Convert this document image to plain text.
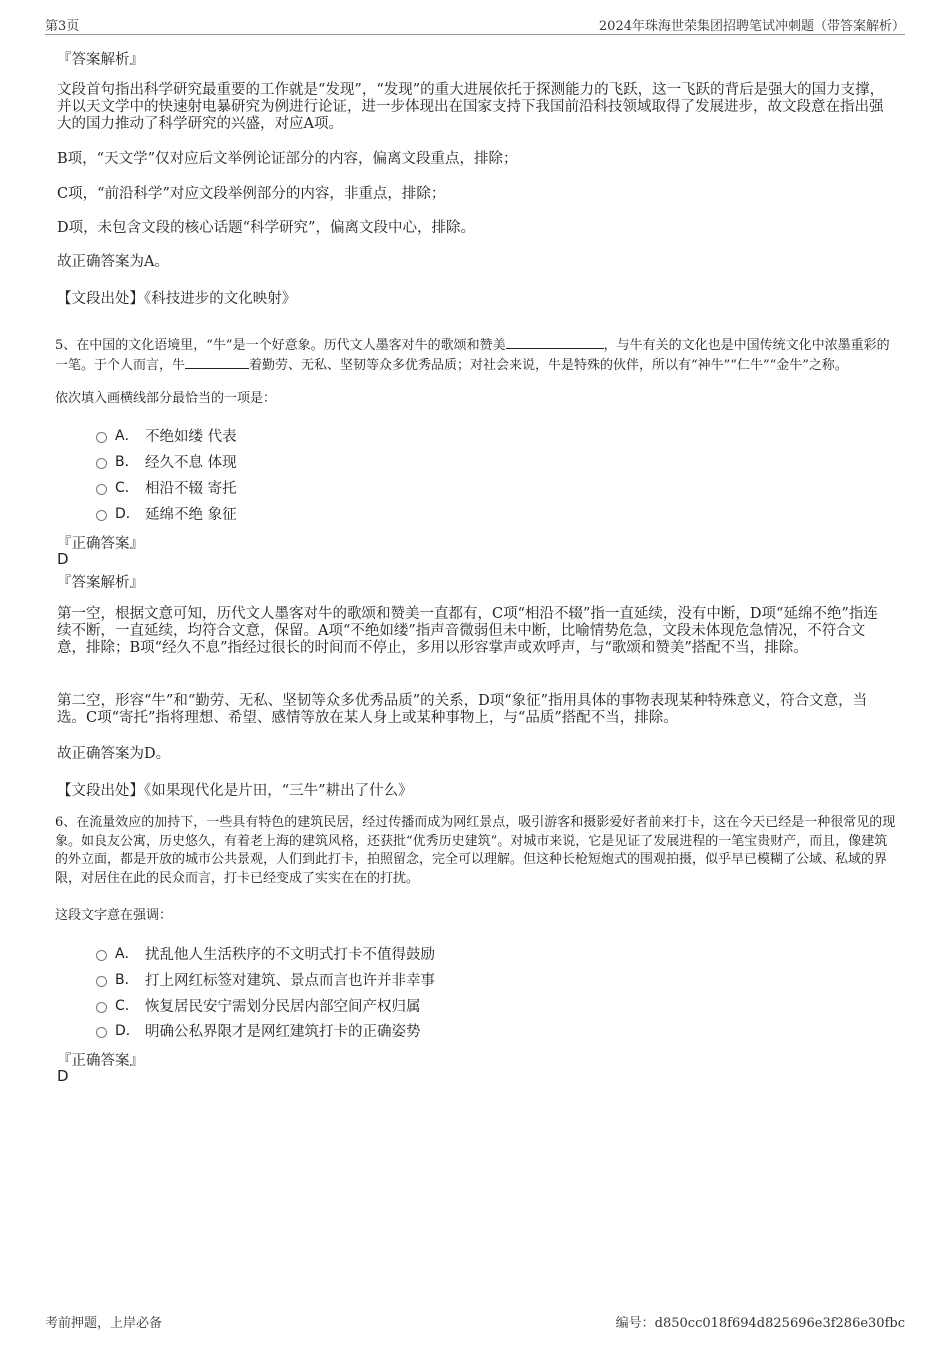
第3页	2024年珠海世荣集团招聘笔试冲刺题（带答案解析）
『答案解析』
文段首句指出科学研究最重要的工作就是“发现”，“发现”的重大进展依托于探测能力的飞跃，这一飞跃的背后是强大的国力支撑，并以天文学中的快速射电暴研究为例进行论证，进一步体现出在国家支持下我国前沿科技领域取得了发展进步，故文段意在指出强大的国力推动了科学研究的兴盛，对应A项。
B项，“天文学”仅对应后文举例论证部分的内容，偏离文段重点，排除；
C项，“前沿科学”对应文段举例部分的内容，非重点，排除；
D项，未包含文段的核心话题“科学研究”，偏离文段中心，排除。
故正确答案为A。
【文段出处】《科技进步的文化映射》
5、在中国的文化语境里，“牛”是一个好意象。历代文人墨客对牛的歌颂和赞美	，与牛有关的文化也是中国传统文化中浓墨重彩的一笔。于个人而言，牛	着勤劳、无私、坚韧等众多优秀品质；对社会来说，牛是特殊的伙伴，所以有“神牛”“仁牛”“金牛”之称。
依次填入画横线部分最恰当的一项是：
A． 不绝如缕 代表
B． 经久不息 体现
C． 相沿不辍 寄托
D． 延绵不绝 象征
『正确答案』
D
『答案解析』
第一空，根据文意可知，历代文人墨客对牛的歌颂和赞美一直都有，C项“相沿不辍”指一直延续，没有中断，D项“延绵不绝”指连续不断，一直延续，均符合文意，保留。A项“不绝如缕”指声音微弱但未中断，比喻情势危急，文段未体现危急情况，不符合文意，排除；B项“经久不息”指经过很长的时间而不停止，多用以形容掌声或欢呼声，与“歌颂和赞美”搭配不当，排除。
第二空，形容“牛”和“勤劳、无私、坚韧等众多优秀品质”的关系，D项“象征”指用具体的事物表现某种特殊意义，符合文意，当选。C项“寄托”指将理想、希望、感情等放在某人身上或某种事物上，与“品质”搭配不当，排除。
故正确答案为D。
【文段出处】《如果现代化是片田，“三牛”耕出了什么》
6、在流量效应的加持下，一些具有特色的建筑民居，经过传播而成为网红景点，吸引游客和摄影爱好者前来打卡，这在今天已经是一种很常见的现象。如良友公寓，历史悠久，有着老上海的建筑风格，还获批“优秀历史建筑”。对城市来说，它是见证了发展进程的一笔宝贵财产，而且，像建筑的外立面，都是开放的城市公共景观，人们到此打卡，拍照留念，完全可以理解。但这种长枪短炮式的围观拍摄，似乎早已模糊了公域、私域的界限，对居住在此的民众而言，打卡已经变成了实实在在的打扰。
这段文字意在强调：
A． 扰乱他人生活秩序的不文明式打卡不值得鼓励
B． 打上网红标签对建筑、景点而言也许并非幸事
C． 恢复居民安宁需划分民居内部空间产权归属
D． 明确公私界限才是网红建筑打卡的正确姿势
『正确答案』
D
考前押题，上岸必备	编号：d850cc018f694d825696e3f286e30fbc
